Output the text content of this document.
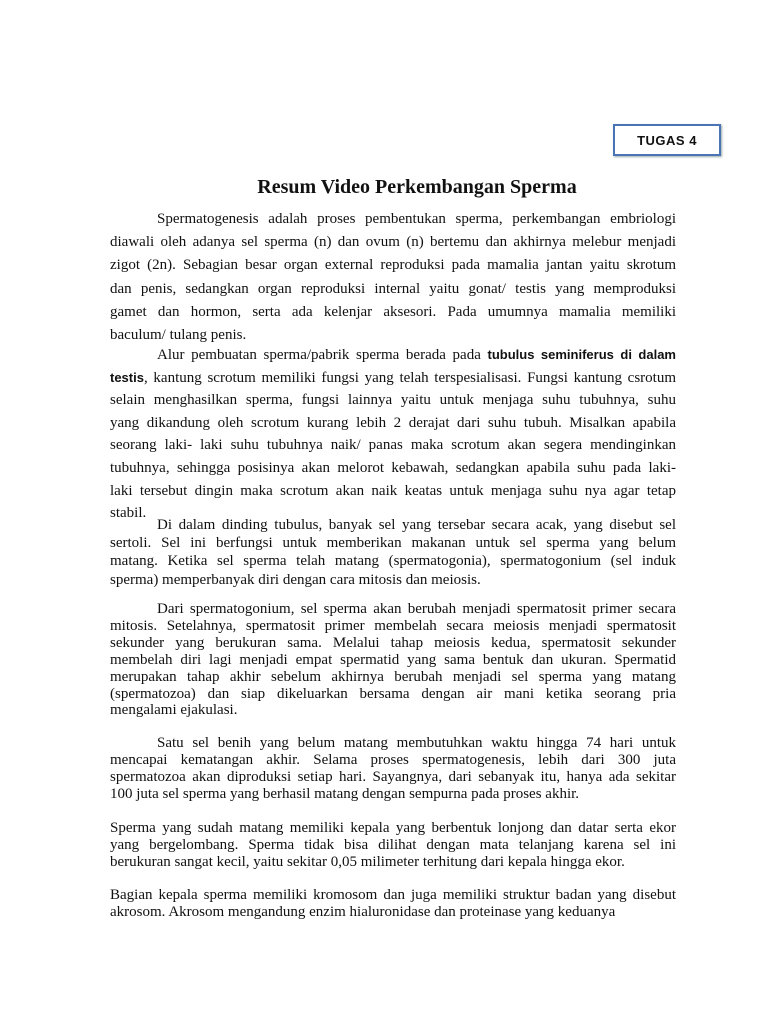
TUGAS 4
Resum Video Perkembangan Sperma
Spermatogenesis adalah proses pembentukan sperma, perkembangan embriologi
diawali oleh adanya sel sperma (n) dan ovum (n) bertemu dan akhirnya melebur menjadi
zigot (2n). Sebagian besar organ external reproduksi pada mamalia jantan yaitu skrotum
dan penis, sedangkan organ reproduksi internal yaitu gonat/ testis yang memproduksi
gamet dan hormon, serta ada kelenjar aksesori. Pada umumnya mamalia memiliki
baculum/ tulang penis.
Alur pembuatan sperma/pabrik sperma berada pada tubulus seminiferus di dalam
testis, kantung scrotum memiliki fungsi yang telah terspesialisasi. Fungsi kantung csrotum
selain menghasilkan sperma, fungsi lainnya yaitu untuk menjaga suhu tubuhnya, suhu
yang dikandung oleh scrotum kurang lebih 2 derajat dari suhu tubuh. Misalkan apabila
seorang laki- laki suhu tubuhnya naik/ panas maka scrotum akan segera mendinginkan
tubuhnya, sehingga posisinya akan melorot kebawah, sedangkan apabila suhu pada laki-
laki tersebut dingin maka scrotum akan naik keatas untuk menjaga suhu nya agar tetap
stabil.
Di dalam dinding tubulus, banyak sel yang tersebar secara acak, yang disebut sel
sertoli. Sel ini berfungsi untuk memberikan makanan untuk sel sperma yang belum
matang. Ketika sel sperma telah matang (spermatogonia), spermatogonium (sel induk
sperma) memperbanyak diri dengan cara mitosis dan meiosis.
Dari spermatogonium, sel sperma akan berubah menjadi spermatosit primer secara
mitosis. Setelahnya, spermatosit primer membelah secara meiosis menjadi spermatosit
sekunder yang berukuran sama. Melalui tahap meiosis kedua, spermatosit sekunder
membelah diri lagi menjadi empat spermatid yang sama bentuk dan ukuran. Spermatid
merupakan tahap akhir sebelum akhirnya berubah menjadi sel sperma yang matang
(spermatozoa) dan siap dikeluarkan bersama dengan air mani ketika seorang pria
mengalami ejakulasi.
Satu sel benih yang belum matang membutuhkan waktu hingga 74 hari untuk
mencapai kematangan akhir. Selama proses spermatogenesis, lebih dari 300 juta
spermatozoa akan diproduksi setiap hari. Sayangnya, dari sebanyak itu, hanya ada sekitar
100 juta sel sperma yang berhasil matang dengan sempurna pada proses akhir.
Sperma yang sudah matang memiliki kepala yang berbentuk lonjong dan datar serta ekor
yang bergelombang. Sperma tidak bisa dilihat dengan mata telanjang karena sel ini
berukuran sangat kecil, yaitu sekitar 0,05 milimeter terhitung dari kepala hingga ekor.
Bagian kepala sperma memiliki kromosom dan juga memiliki struktur badan yang disebut
akrosom. Akrosom mengandung enzim hialuronidase dan proteinase yang keduanya
